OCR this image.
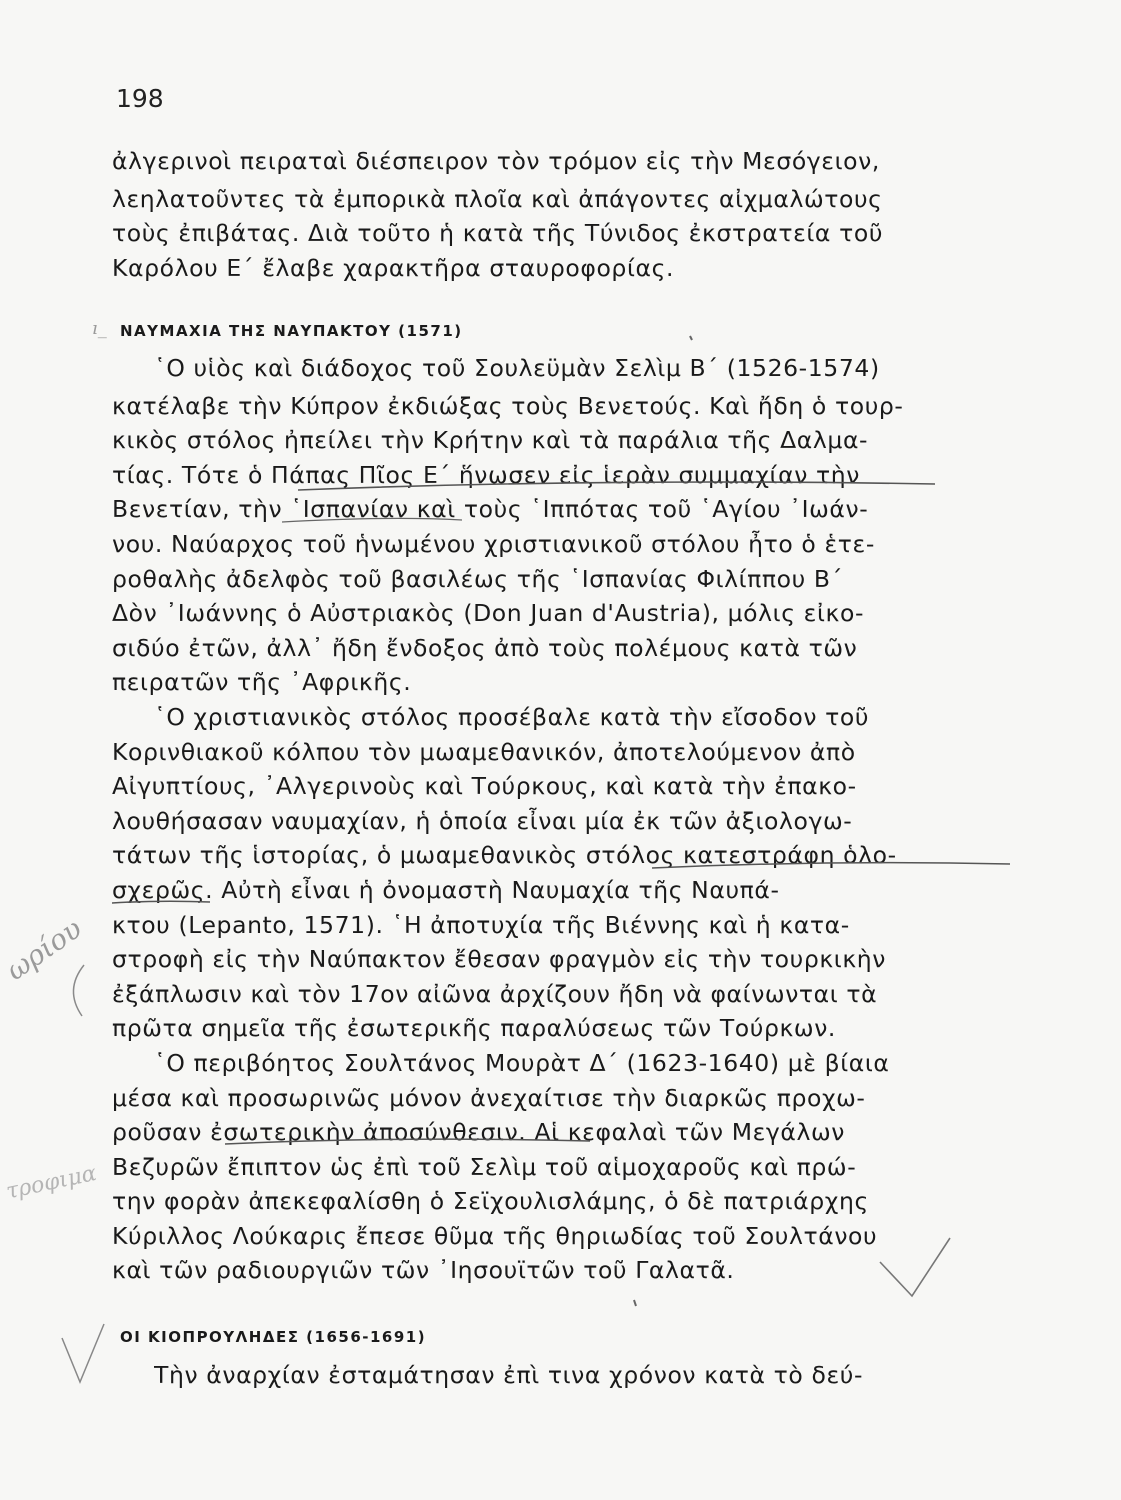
198
ἀλγερινοὶ πειραταὶ διέσπειρον τὸν τρόμον εἰς τὴν Μεσόγειον,
λεηλατοῦντες τὰ ἐμπορικὰ πλοῖα καὶ ἀπάγοντες αἰχμαλώτους
τοὺς ἐπιβάτας. Διὰ τοῦτο ἡ κατὰ τῆς Τύνιδος ἐκστρατεία τοῦ
Καρόλου Ε´ ἔλαβε χαρακτῆρα σταυροφορίας.
ı_ ΝΑΥΜΑΧΙΑ ΤΗΣ ΝΑΥΠΑΚΤΟΥ (1571)
῾Ο υἱὸς καὶ διάδοχος τοῦ Σουλεϋμὰν Σελὶμ Β´ (1526-1574)
κατέλαβε τὴν Κύπρον ἐκδιώξας τοὺς Βενετούς. Καὶ ἤδη ὁ τουρ-
κικὸς στόλος ἠπείλει τὴν Κρήτην καὶ τὰ παράλια τῆς Δαλμα-
τίας. Τότε ὁ Πάπας Πῖος Ε´ ἥνωσεν εἰς ἱερὰν συμμαχίαν τὴν
Βενετίαν, τὴν ῾Ισπανίαν καὶ τοὺς ῾Ιππότας τοῦ ῾Αγίου ᾿Ιωάν-
νου. Ναύαρχος τοῦ ἡνωμένου χριστιανικοῦ στόλου ἦτο ὁ ἑτε-
ροθαλὴς ἀδελφὸς τοῦ βασιλέως τῆς ῾Ισπανίας Φιλίππου Β´
Δὸν ᾿Ιωάννης ὁ Αὐστριακὸς (Don Juan d'Austria), μόλις εἰκο-
σιδύο ἐτῶν, ἀλλ᾿ ἤδη ἔνδοξος ἀπὸ τοὺς πολέμους κατὰ τῶν
πειρατῶν τῆς ᾿Αφρικῆς.
῾Ο χριστιανικὸς στόλος προσέβαλε κατὰ τὴν εἴσοδον τοῦ
Κορινθιακοῦ κόλπου τὸν μωαμεθανικόν, ἀποτελούμενον ἀπὸ
Αἰγυπτίους, ᾿Αλγερινοὺς καὶ Τούρκους, καὶ κατὰ τὴν ἐπακο-
λουθήσασαν ναυμαχίαν, ἡ ὁποία εἶναι μία ἐκ τῶν ἀξιολογω-
τάτων τῆς ἱστορίας, ὁ μωαμεθανικὸς στόλος κατεστράφη ὁλο-
σχερῶς. Αὐτὴ εἶναι ἡ ὀνομαστὴ Ναυμαχία τῆς Ναυπά-
κτου (Lepanto, 1571). ῾Η ἀποτυχία τῆς Βιέννης καὶ ἡ κατα-
στροφὴ εἰς τὴν Ναύπακτον ἔθεσαν φραγμὸν εἰς τὴν τουρκικὴν
ἐξάπλωσιν καὶ τὸν 17ον αἰῶνα ἀρχίζουν ἤδη νὰ φαίνωνται τὰ
πρῶτα σημεῖα τῆς ἐσωτερικῆς παραλύσεως τῶν Τούρκων.
῾Ο περιβόητος Σουλτάνος Μουρὰτ Δ´ (1623-1640) μὲ βίαια
μέσα καὶ προσωρινῶς μόνον ἀνεχαίτισε τὴν διαρκῶς προχω-
ροῦσαν ἐσωτερικὴν ἀποσύνθεσιν. Αἱ κεφαλαὶ τῶν Μεγάλων
Βεζυρῶν ἔπιπτον ὡς ἐπὶ τοῦ Σελὶμ τοῦ αἱμοχαροῦς καὶ πρώ-
την φορὰν ἀπεκεφαλίσθη ὁ Σεϊχουλισλάμης, ὁ δὲ πατριάρχης
Κύριλλος Λούκαρις ἔπεσε θῦμα τῆς θηριωδίας τοῦ Σουλτάνου
καὶ τῶν ραδιουργιῶν τῶν ᾿Ιησουϊτῶν τοῦ Γαλατᾶ.
ΟΙ ΚΙΟΠΡΟΥΛΗΔΕΣ (1656-1691)
Τὴν ἀναρχίαν ἐσταμάτησαν ἐπὶ τινα χρόνον κατὰ τὸ δεύ-
ωρίου
τροφιμα
